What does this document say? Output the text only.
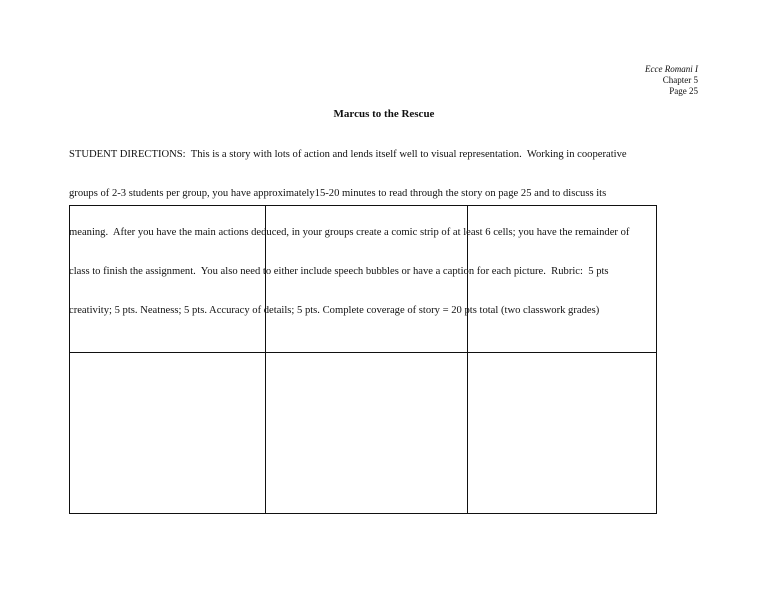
Ecce Romani I
Chapter 5
Page 25
Marcus to the Rescue

STUDENT DIRECTIONS:  This is a story with lots of action and lends itself well to visual representation.  Working in cooperative

groups of 2-3 students per group, you have approximately15-20 minutes to read through the story on page 25 and to discuss its

meaning.  After you have the main actions deduced, in your groups create a comic strip of at least 6 cells; you have the remainder of

class to finish the assignment.  You also need to either include speech bubbles or have a caption for each picture.  Rubric:  5 pts

creativity; 5 pts. Neatness; 5 pts. Accuracy of details; 5 pts. Complete coverage of story = 20 pts total (two classwork grades)
